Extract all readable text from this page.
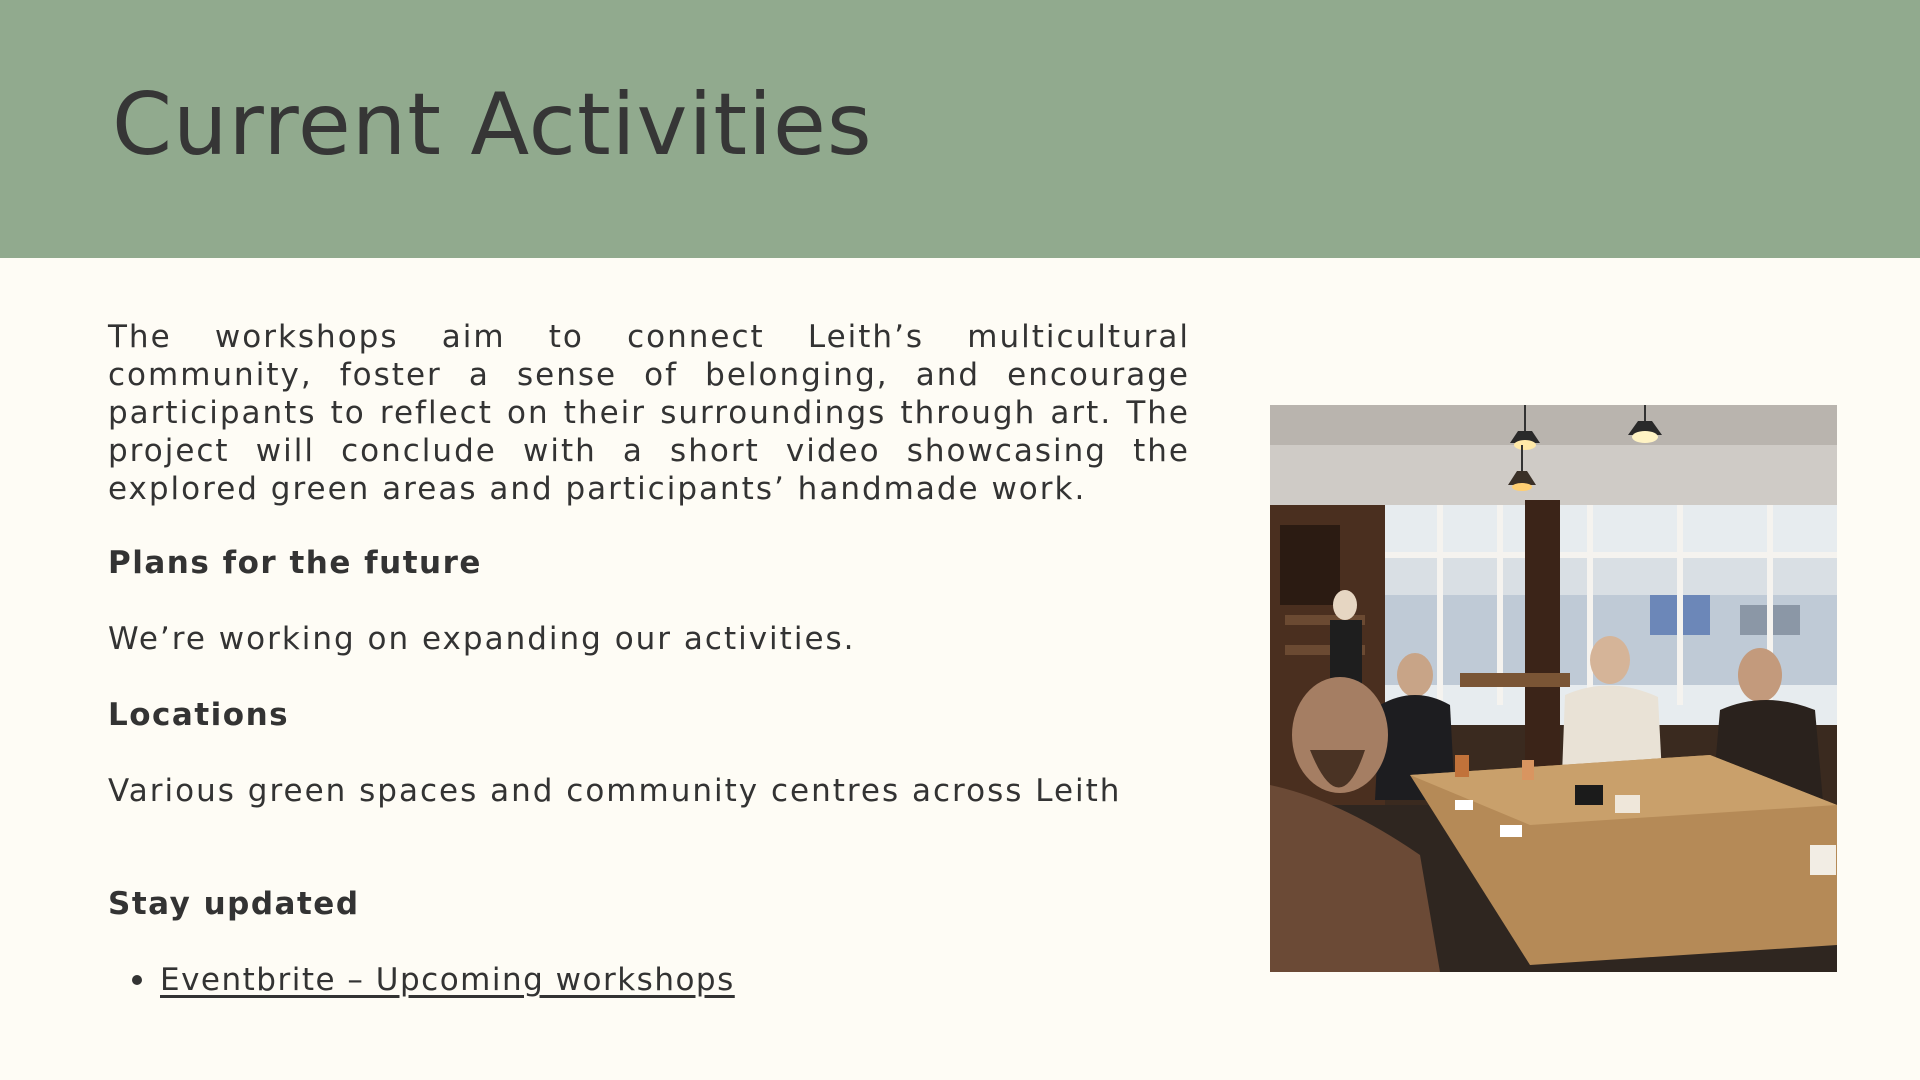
Current Activities

The workshops aim to connect Leith’s multicultural community, foster a sense of belonging, and encourage participants to reflect on their surroundings through art. The project will conclude with a short video showcasing the explored green areas and participants’ handmade work.

Plans for the future
We’re working on expanding our activities.
Locations
Various green spaces and community centres across Leith
Stay updated
Eventbrite – Upcoming workshops
